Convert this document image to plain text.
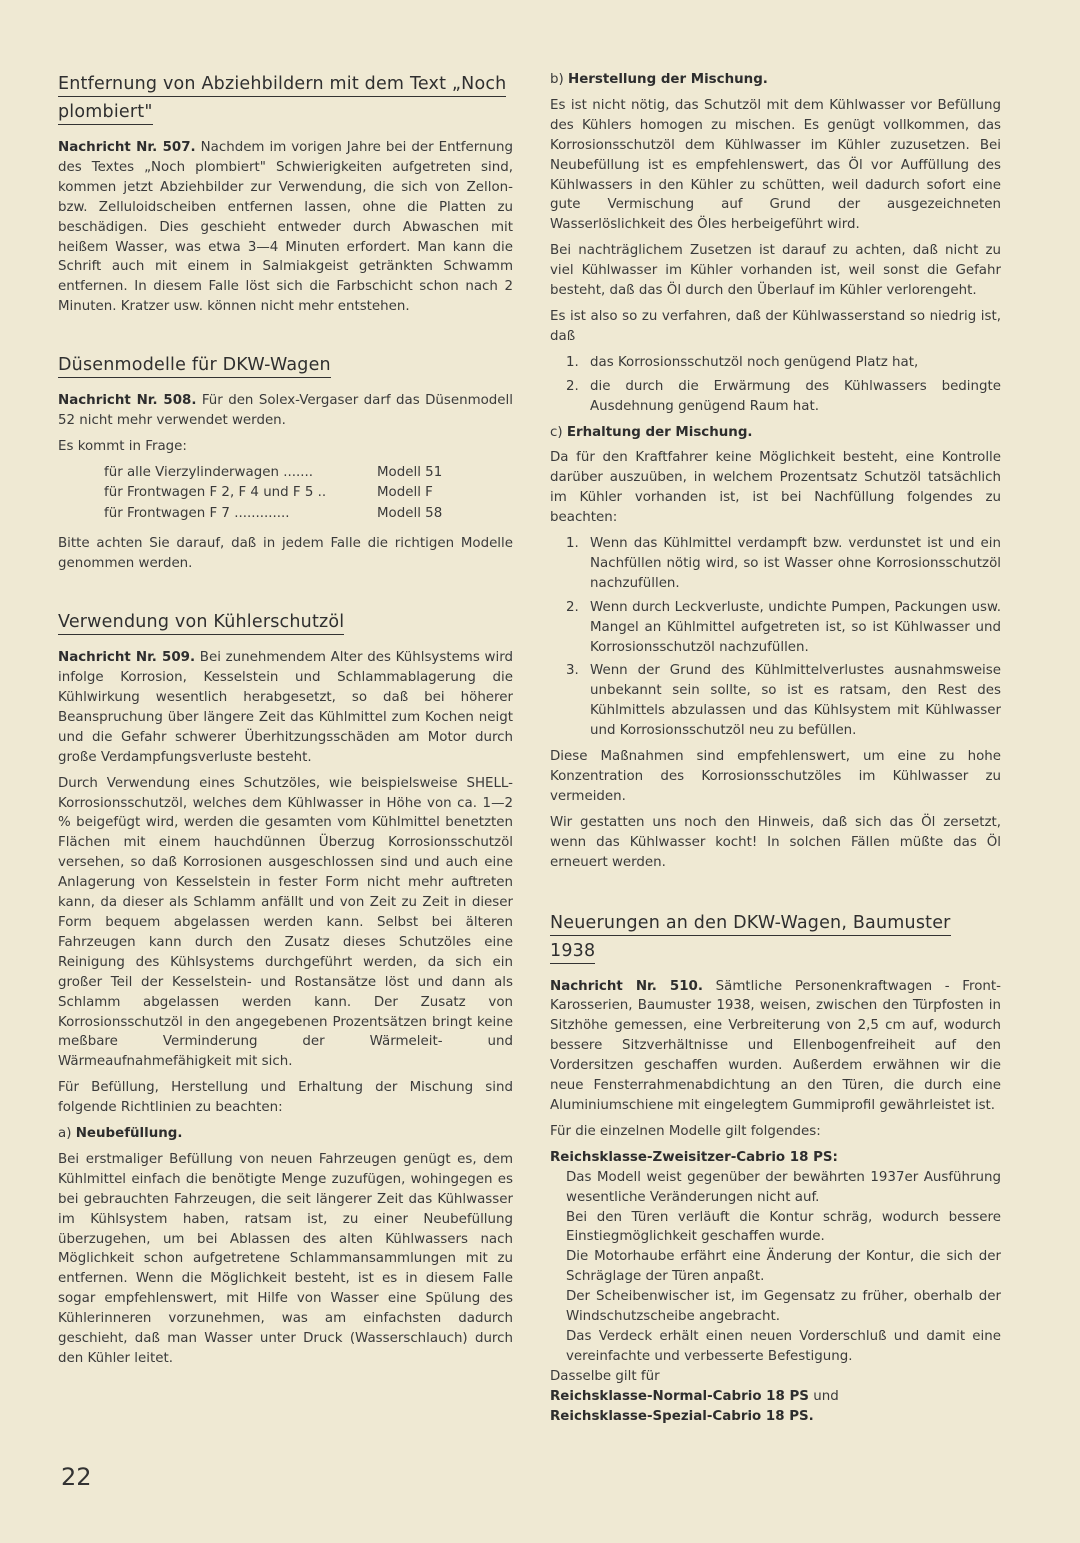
Entfernung von Abziehbildern mit dem Text „Noch
plombiert"

Nachricht Nr. 507. Nachdem im vorigen Jahre bei der Entfernung des Textes „Noch plombiert" Schwierigkeiten aufgetreten sind, kommen jetzt Abziehbilder zur Verwendung, die sich von Zellon- bzw. Zelluloidscheiben entfernen lassen, ohne die Platten zu beschädigen. Dies geschieht entweder durch Abwaschen mit heißem Wasser, was etwa 3—4 Minuten erfordert. Man kann die Schrift auch mit einem in Salmiakgeist getränkten Schwamm entfernen. In diesem Falle löst sich die Farbschicht schon nach 2 Minuten. Kratzer usw. können nicht mehr entstehen.

Düsenmodelle für DKW-Wagen

Nachricht Nr. 508. Für den Solex-Vergaser darf das Düsenmodell 52 nicht mehr verwendet werden.

Es kommt in Frage:

für alle Vierzylinderwagen .......	Modell 51
für Frontwagen F 2, F 4 und F 5 ..	Modell F
für Frontwagen F 7 .............	Modell 58

Bitte achten Sie darauf, daß in jedem Falle die richtigen Modelle genommen werden.

Verwendung von Kühlerschutzöl

Nachricht Nr. 509. Bei zunehmendem Alter des Kühlsystems wird infolge Korrosion, Kesselstein und Schlammablagerung die Kühlwirkung wesentlich herabgesetzt, so daß bei höherer Beanspruchung über längere Zeit das Kühlmittel zum Kochen neigt und die Gefahr schwerer Überhitzungsschäden am Motor durch große Verdampfungsverluste besteht.

Durch Verwendung eines Schutzöles, wie beispielsweise SHELL-Korrosionsschutzöl, welches dem Kühlwasser in Höhe von ca. 1—2 % beigefügt wird, werden die gesamten vom Kühlmittel benetzten Flächen mit einem hauchdünnen Überzug Korrosionsschutzöl versehen, so daß Korrosionen ausgeschlossen sind und auch eine Anlagerung von Kesselstein in fester Form nicht mehr auftreten kann, da dieser als Schlamm anfällt und von Zeit zu Zeit in dieser Form bequem abgelassen werden kann. Selbst bei älteren Fahrzeugen kann durch den Zusatz dieses Schutzöles eine Reinigung des Kühlsystems durchgeführt werden, da sich ein großer Teil der Kesselstein- und Rostansätze löst und dann als Schlamm abgelassen werden kann. Der Zusatz von Korrosionsschutzöl in den angegebenen Prozentsätzen bringt keine meßbare Verminderung der Wärmeleit- und Wärmeaufnahmefähigkeit mit sich.

Für Befüllung, Herstellung und Erhaltung der Mischung sind folgende Richtlinien zu beachten:

a) Neubefüllung.

Bei erstmaliger Befüllung von neuen Fahrzeugen genügt es, dem Kühlmittel einfach die benötigte Menge zuzufügen, wohingegen es bei gebrauchten Fahrzeugen, die seit längerer Zeit das Kühlwasser im Kühlsystem haben, ratsam ist, zu einer Neubefüllung überzugehen, um bei Ablassen des alten Kühlwassers nach Möglichkeit schon aufgetretene Schlammansammlungen mit zu entfernen. Wenn die Möglichkeit besteht, ist es in diesem Falle sogar empfehlenswert, mit Hilfe von Wasser eine Spülung des Kühlerinneren vorzunehmen, was am einfachsten dadurch geschieht, daß man Wasser unter Druck (Wasserschlauch) durch den Kühler leitet.

b) Herstellung der Mischung.

Es ist nicht nötig, das Schutzöl mit dem Kühlwasser vor Befüllung des Kühlers homogen zu mischen. Es genügt vollkommen, das Korrosionsschutzöl dem Kühlwasser im Kühler zuzusetzen. Bei Neubefüllung ist es empfehlenswert, das Öl vor Auffüllung des Kühlwassers in den Kühler zu schütten, weil dadurch sofort eine gute Vermischung auf Grund der ausgezeichneten Wasserlöslichkeit des Öles herbeigeführt wird.

Bei nachträglichem Zusetzen ist darauf zu achten, daß nicht zu viel Kühlwasser im Kühler vorhanden ist, weil sonst die Gefahr besteht, daß das Öl durch den Überlauf im Kühler verlorengeht.

Es ist also so zu verfahren, daß der Kühlwasserstand so niedrig ist, daß

1. das Korrosionsschutzöl noch genügend Platz hat,
2. die durch die Erwärmung des Kühlwassers bedingte Ausdehnung genügend Raum hat.

c) Erhaltung der Mischung.

Da für den Kraftfahrer keine Möglichkeit besteht, eine Kontrolle darüber auszuüben, in welchem Prozentsatz Schutzöl tatsächlich im Kühler vorhanden ist, ist bei Nachfüllung folgendes zu beachten:

1. Wenn das Kühlmittel verdampft bzw. verdunstet ist und ein Nachfüllen nötig wird, so ist Wasser ohne Korrosionsschutzöl nachzufüllen.
2. Wenn durch Leckverluste, undichte Pumpen, Packungen usw. Mangel an Kühlmittel aufgetreten ist, so ist Kühlwasser und Korrosionsschutzöl nachzufüllen.
3. Wenn der Grund des Kühlmittelverlustes ausnahmsweise unbekannt sein sollte, so ist es ratsam, den Rest des Kühlmittels abzulassen und das Kühlsystem mit Kühlwasser und Korrosionsschutzöl neu zu befüllen.

Diese Maßnahmen sind empfehlenswert, um eine zu hohe Konzentration des Korrosionsschutzöles im Kühlwasser zu vermeiden.

Wir gestatten uns noch den Hinweis, daß sich das Öl zersetzt, wenn das Kühlwasser kocht! In solchen Fällen müßte das Öl erneuert werden.

Neuerungen an den DKW-Wagen, Baumuster 1938

Nachricht Nr. 510. Sämtliche Personenkraftwagen - Front-Karosserien, Baumuster 1938, weisen, zwischen den Türpfosten in Sitzhöhe gemessen, eine Verbreiterung von 2,5 cm auf, wodurch bessere Sitzverhältnisse und Ellenbogenfreiheit auf den Vordersitzen geschaffen wurden. Außerdem erwähnen wir die neue Fensterrahmenabdichtung an den Türen, die durch eine Aluminiumschiene mit eingelegtem Gummiprofil gewährleistet ist.

Für die einzelnen Modelle gilt folgendes:

Reichsklasse-Zweisitzer-Cabrio 18 PS:

Das Modell weist gegenüber der bewährten 1937er Ausführung wesentliche Veränderungen nicht auf.

Bei den Türen verläuft die Kontur schräg, wodurch bessere Einstiegmöglichkeit geschaffen wurde.

Die Motorhaube erfährt eine Änderung der Kontur, die sich der Schräglage der Türen anpaßt.

Der Scheibenwischer ist, im Gegensatz zu früher, oberhalb der Windschutzscheibe angebracht.

Das Verdeck erhält einen neuen Vorderschluß und damit eine vereinfachte und verbesserte Befestigung.

Dasselbe gilt für

Reichsklasse-Normal-Cabrio 18 PS und

Reichsklasse-Spezial-Cabrio 18 PS.

22
